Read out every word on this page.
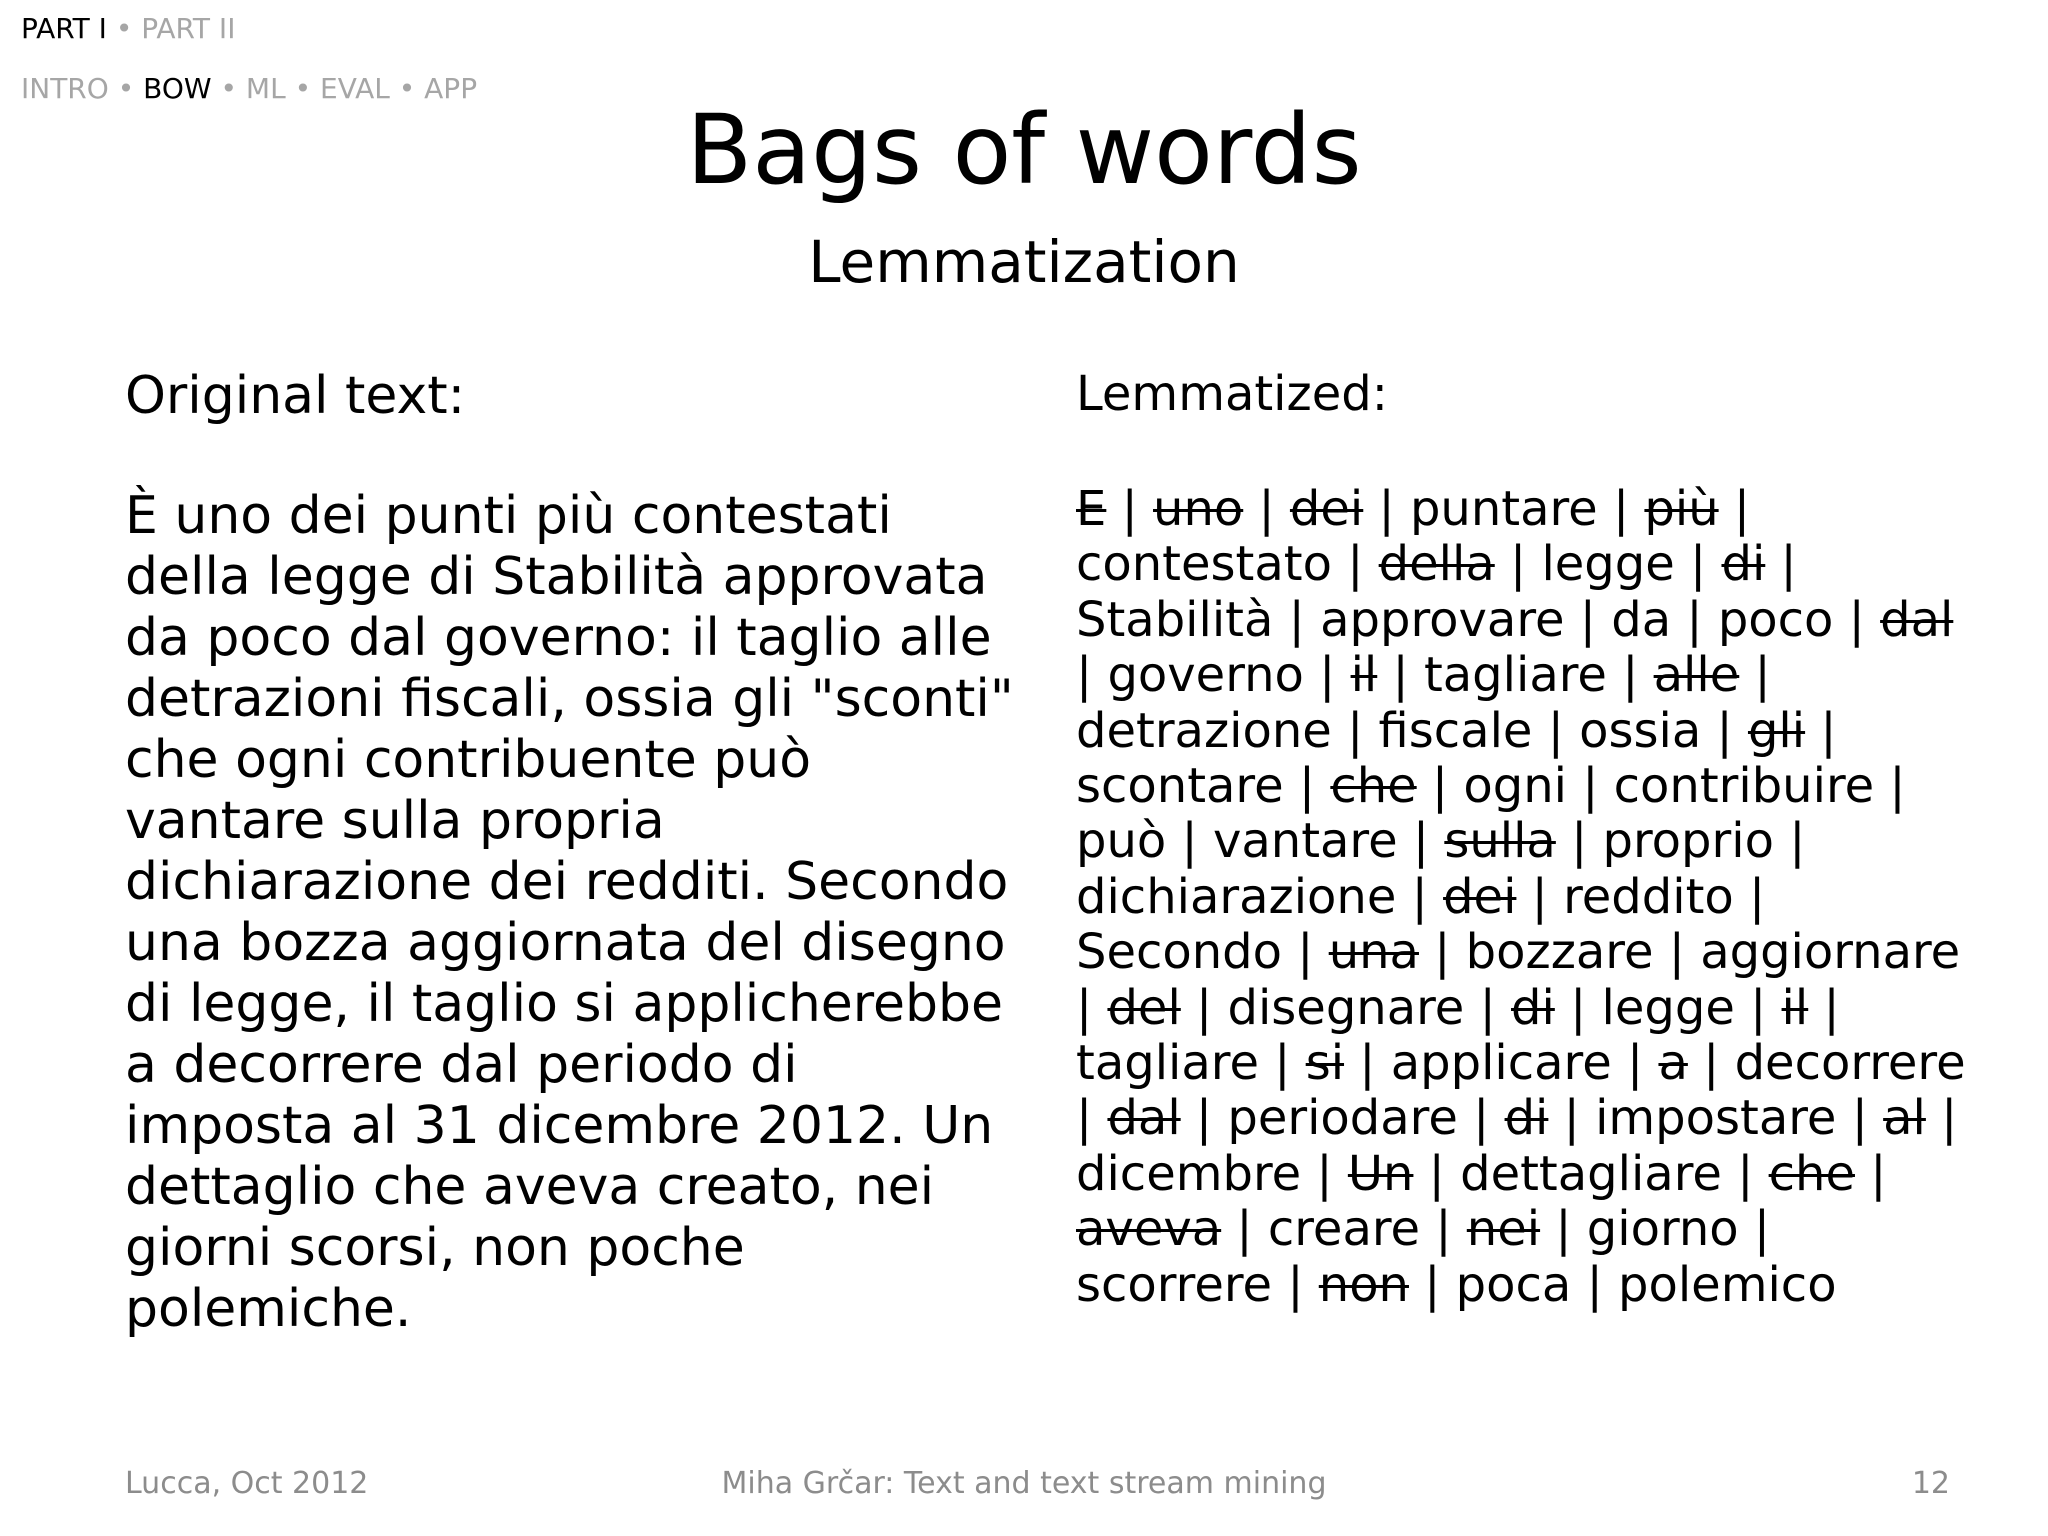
PART I • PART II
INTRO • BOW • ML • EVAL • APP
Bags of words
Lemmatization
Original text:
È uno dei punti più contestati
della legge di Stabilità approvata
da poco dal governo: il taglio alle
detrazioni fiscali, ossia gli "sconti"
che ogni contribuente può
vantare sulla propria
dichiarazione dei redditi. Secondo
una bozza aggiornata del disegno
di legge, il taglio si applicherebbe
a decorrere dal periodo di
imposta al 31 dicembre 2012. Un
dettaglio che aveva creato, nei
giorni scorsi, non poche
polemiche.
Lemmatized:
E | uno | dei | puntare | più | contestato | della | legge | di | Stabilità | approvare | da | poco | dal | governo | il | tagliare | alle | detrazione | fiscale | ossia | gli | scontare | che | ogni | contribuire | può | vantare | sulla | proprio | dichiarazione | dei | reddito | Secondo | una | bozzare | aggiornare | del | disegnare | di | legge | il | tagliare | si | applicare | a | decorrere | dal | periodare | di | impostare | al | dicembre | Un | dettagliare | che | aveva | creare | nei | giorno | scorrere | non | poca | polemico
Lucca, Oct 2012	Miha Grčar: Text and text stream mining	12
